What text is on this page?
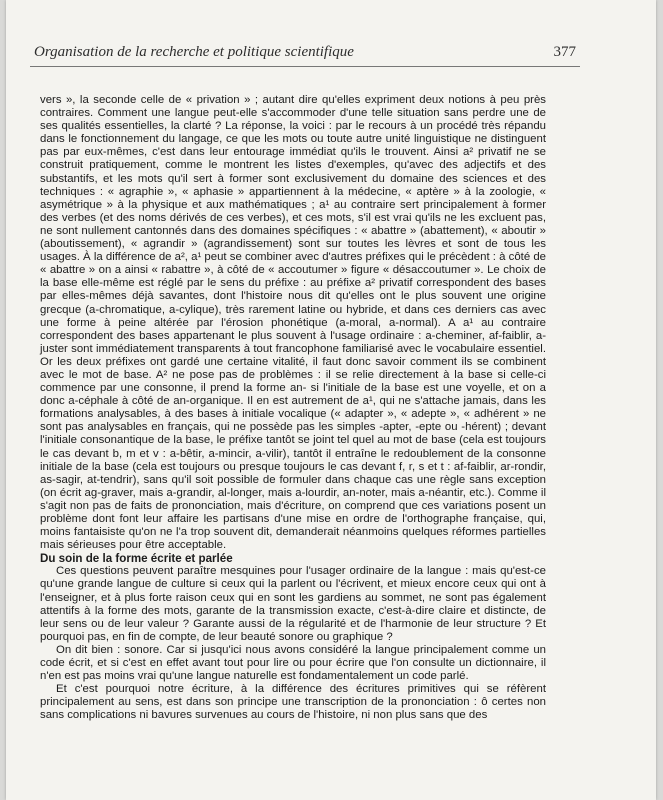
Organisation de la recherche et politique scientifique	377

vers », la seconde celle de « privation » ; autant dire qu'elles expriment deux notions à peu près contraires. Comment une langue peut-elle s'accommoder d'une telle situation sans perdre une de ses qualités essentielles, la clarté ? La réponse, la voici : par le recours à un procédé très répandu dans le fonctionnement du langage, ce que les mots ou toute autre unité linguistique ne distinguent pas par eux-mêmes, c'est dans leur entourage immédiat qu'ils le trouvent. Ainsi a² privatif ne se construit pratiquement, comme le montrent les listes d'exemples, qu'avec des adjectifs et des substantifs, et les mots qu'il sert à former sont exclusivement du domaine des sciences et des techniques : « agraphie », « aphasie » appartiennent à la médecine, « aptère » à la zoologie, « asymétrique » à la physique et aux mathématiques ; a¹ au contraire sert principalement à former des verbes (et des noms dérivés de ces verbes), et ces mots, s'il est vrai qu'ils ne les excluent pas, ne sont nullement cantonnés dans des domaines spécifiques : « abattre » (abattement), « aboutir » (aboutissement), « agrandir » (agrandissement) sont sur toutes les lèvres et sont de tous les usages. À la différence de a², a¹ peut se combiner avec d'autres préfixes qui le précèdent : à côté de « abattre » on a ainsi « rabattre », à côté de « accoutumer » figure « désaccoutumer ». Le choix de la base elle-même est réglé par le sens du préfixe : au préfixe a² privatif correspondent des bases par elles-mêmes déjà savantes, dont l'histoire nous dit qu'elles ont le plus souvent une origine grecque (a-chromatique, a-cylique), très rarement latine ou hybride, et dans ces derniers cas avec une forme à peine altérée par l'érosion phonétique (a-moral, a-normal). A a¹ au contraire correspondent des bases appartenant le plus souvent à l'usage ordinaire : a-cheminer, af-faiblir, a-juster sont immédiatement transparents à tout francophone familiarisé avec le vocabulaire essentiel. Or les deux préfixes ont gardé une certaine vitalité, il faut donc savoir comment ils se combinent avec le mot de base. A² ne pose pas de problèmes : il se relie directement à la base si celle-ci commence par une consonne, il prend la forme an- si l'initiale de la base est une voyelle, et on a donc a-céphale à côté de an-organique. Il en est autrement de a¹, qui ne s'attache jamais, dans les formations analysables, à des bases à initiale vocalique (« adapter », « adepte », « adhérent » ne sont pas analysables en français, qui ne possède pas les simples -apter, -epte ou -hérent) ; devant l'initiale consonantique de la base, le préfixe tantôt se joint tel quel au mot de base (cela est toujours le cas devant b, m et v : a-bêtir, a-mincir, a-vilir), tantôt il entraîne le redoublement de la consonne initiale de la base (cela est toujours ou presque toujours le cas devant f, r, s et t : af-faiblir, ar-rondir, as-sagir, at-tendrir), sans qu'il soit possible de formuler dans chaque cas une règle sans exception (on écrit ag-graver, mais a-grandir, al-longer, mais a-lourdir, an-noter, mais a-néantir, etc.). Comme il s'agit non pas de faits de prononciation, mais d'écriture, on comprend que ces variations posent un problème dont font leur affaire les partisans d'une mise en ordre de l'orthographe française, qui, moins fantaisiste qu'on ne l'a trop souvent dit, demanderait néanmoins quelques réformes partielles mais sérieuses pour être acceptable.

Du soin de la forme écrite et parlée

Ces questions peuvent paraître mesquines pour l'usager ordinaire de la langue : mais qu'est-ce qu'une grande langue de culture si ceux qui la parlent ou l'écrivent, et mieux encore ceux qui ont à l'enseigner, et à plus forte raison ceux qui en sont les gardiens au sommet, ne sont pas également attentifs à la forme des mots, garante de la transmission exacte, c'est-à-dire claire et distincte, de leur sens ou de leur valeur ? Garante aussi de la régularité et de l'harmonie de leur structure ? Et pourquoi pas, en fin de compte, de leur beauté sonore ou graphique ?

On dit bien : sonore. Car si jusqu'ici nous avons considéré la langue principalement comme un code écrit, et si c'est en effet avant tout pour lire ou pour écrire que l'on consulte un dictionnaire, il n'en est pas moins vrai qu'une langue naturelle est fondamentalement un code parlé.

Et c'est pourquoi notre écriture, à la différence des écritures primitives qui se réfèrent principalement au sens, est dans son principe une transcription de la prononciation : ô certes non sans complications ni bavures survenues au cours de l'histoire, ni non plus sans que des
